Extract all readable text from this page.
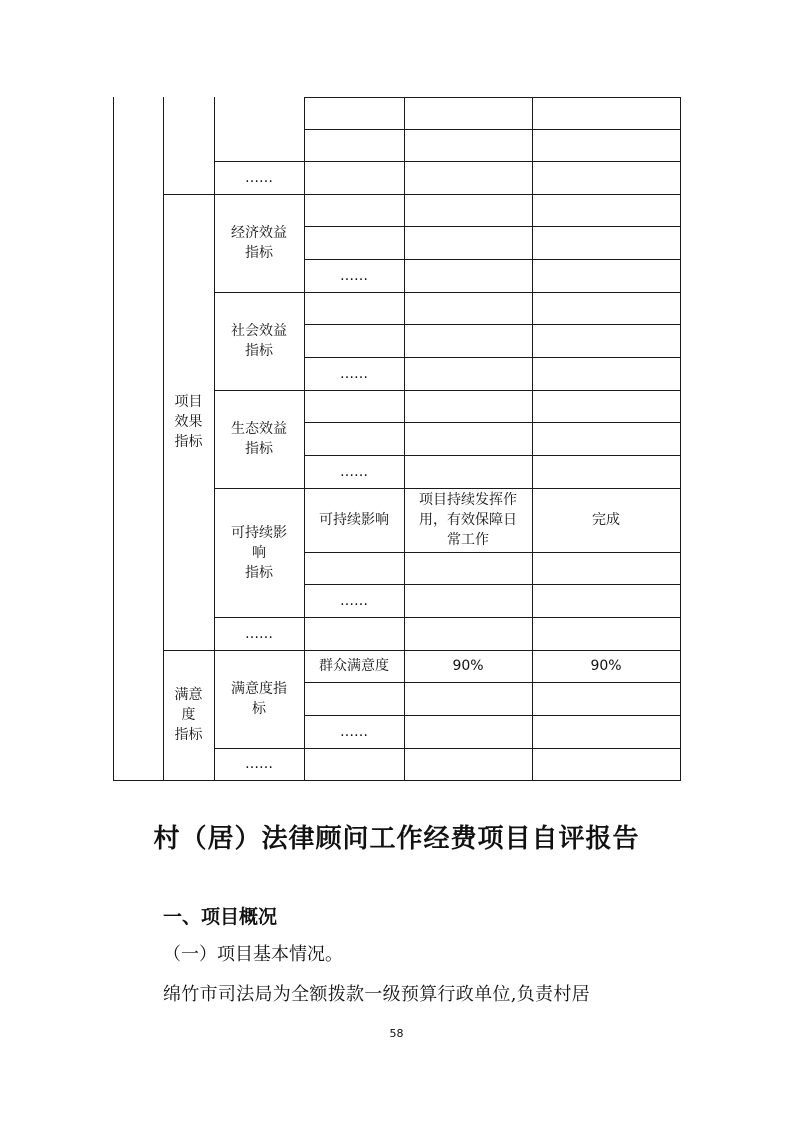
……
项目
效果
指标
经济效益
指标
……
社会效益
指标
……
生态效益
指标
……
可持续影
响
指标
可持续影响
项目持续发挥作
用，有效保障日
常工作
完成
……
……
满意
度
指标
满意度指
标
群众满意度	90%	90%
……
……
村（居）法律顾问工作经费项目自评报告
一、项目概况
（一）项目基本情况。
绵竹市司法局为全额拨款一级预算行政单位,负责村居
58
